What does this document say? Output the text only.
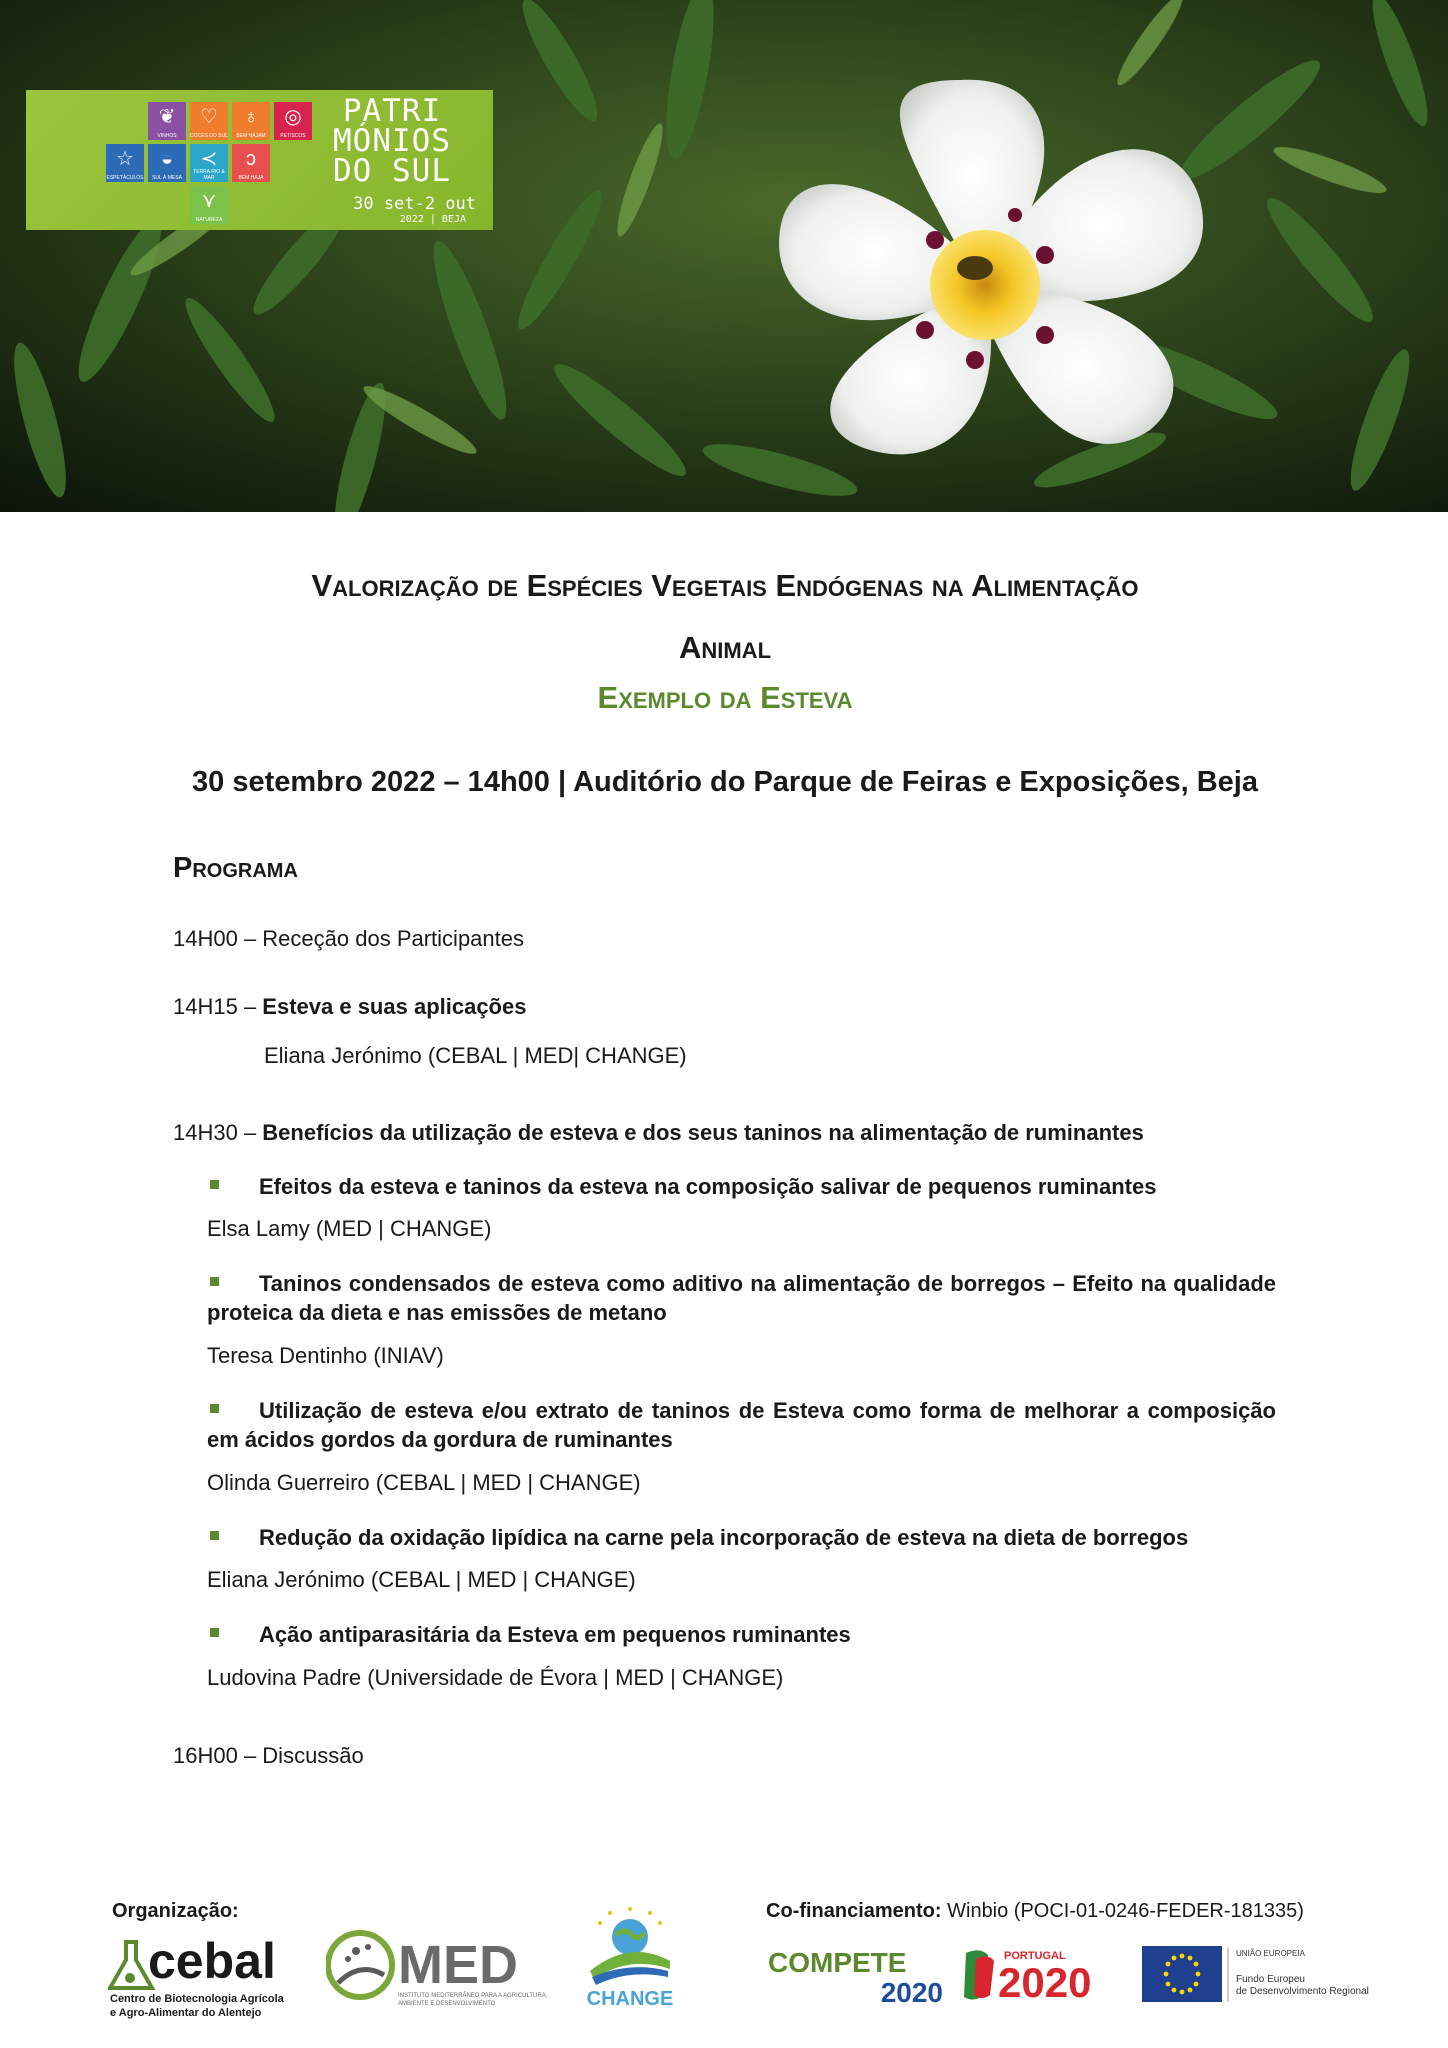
❦
VINHOS
♡
DOCES DO SUL
♁
BEM HAJAM
◎
PETISCOS
☆
ESPETÁCULOS
◒
SUL À MESA
≺
TERRA RIO & MAR
ↄ
BEM HAJA
⋎
NATUREZA
PATRI
MÓNIOS
DO SUL
30 set-2 out
2022 | BEJA
Valorização de Espécies Vegetais Endógenas na Alimentação
Animal
Exemplo da Esteva
30 setembro 2022 – 14h00 | Auditório do Parque de Feiras e Exposições, Beja
Programa
14H00 – Receção dos Participantes
14H15 – Esteva e suas aplicações
Eliana Jerónimo (CEBAL | MED| CHANGE)
14H30 – Benefícios da utilização de esteva e dos seus taninos na alimentação de ruminantes
Efeitos da esteva e taninos da esteva na composição salivar de pequenos ruminantes
Elsa Lamy (MED | CHANGE)
Taninos condensados de esteva como aditivo na alimentação de borregos – Efeito na qualidade proteica da dieta e nas emissões de metano
Teresa Dentinho (INIAV)
Utilização de esteva e/ou extrato de taninos de Esteva como forma de melhorar a composição em ácidos gordos da gordura de ruminantes
Olinda Guerreiro (CEBAL | MED | CHANGE)
Redução da oxidação lipídica na carne pela incorporação de esteva na dieta de borregos
Eliana Jerónimo (CEBAL | MED | CHANGE)
Ação antiparasitária da Esteva em pequenos ruminantes
Ludovina Padre (Universidade de Évora | MED | CHANGE)
16H00 – Discussão
Organização:	Co-financiamento: Winbio (POCI-01-0246-FEDER-181335)
cebal
Centro de Biotecnologia Agrícola
e Agro-Alimentar do Alentejo
MED
INSTITUTO MEDITERRÂNEO PARA A AGRICULTURA,
AMBIENTE E DESENVOLVIMENTO	CHANGE
COMPETE
2020
PORTUGAL
2020
UNIÃO EUROPEIA
Fundo Europeu
de Desenvolvimento Regional
